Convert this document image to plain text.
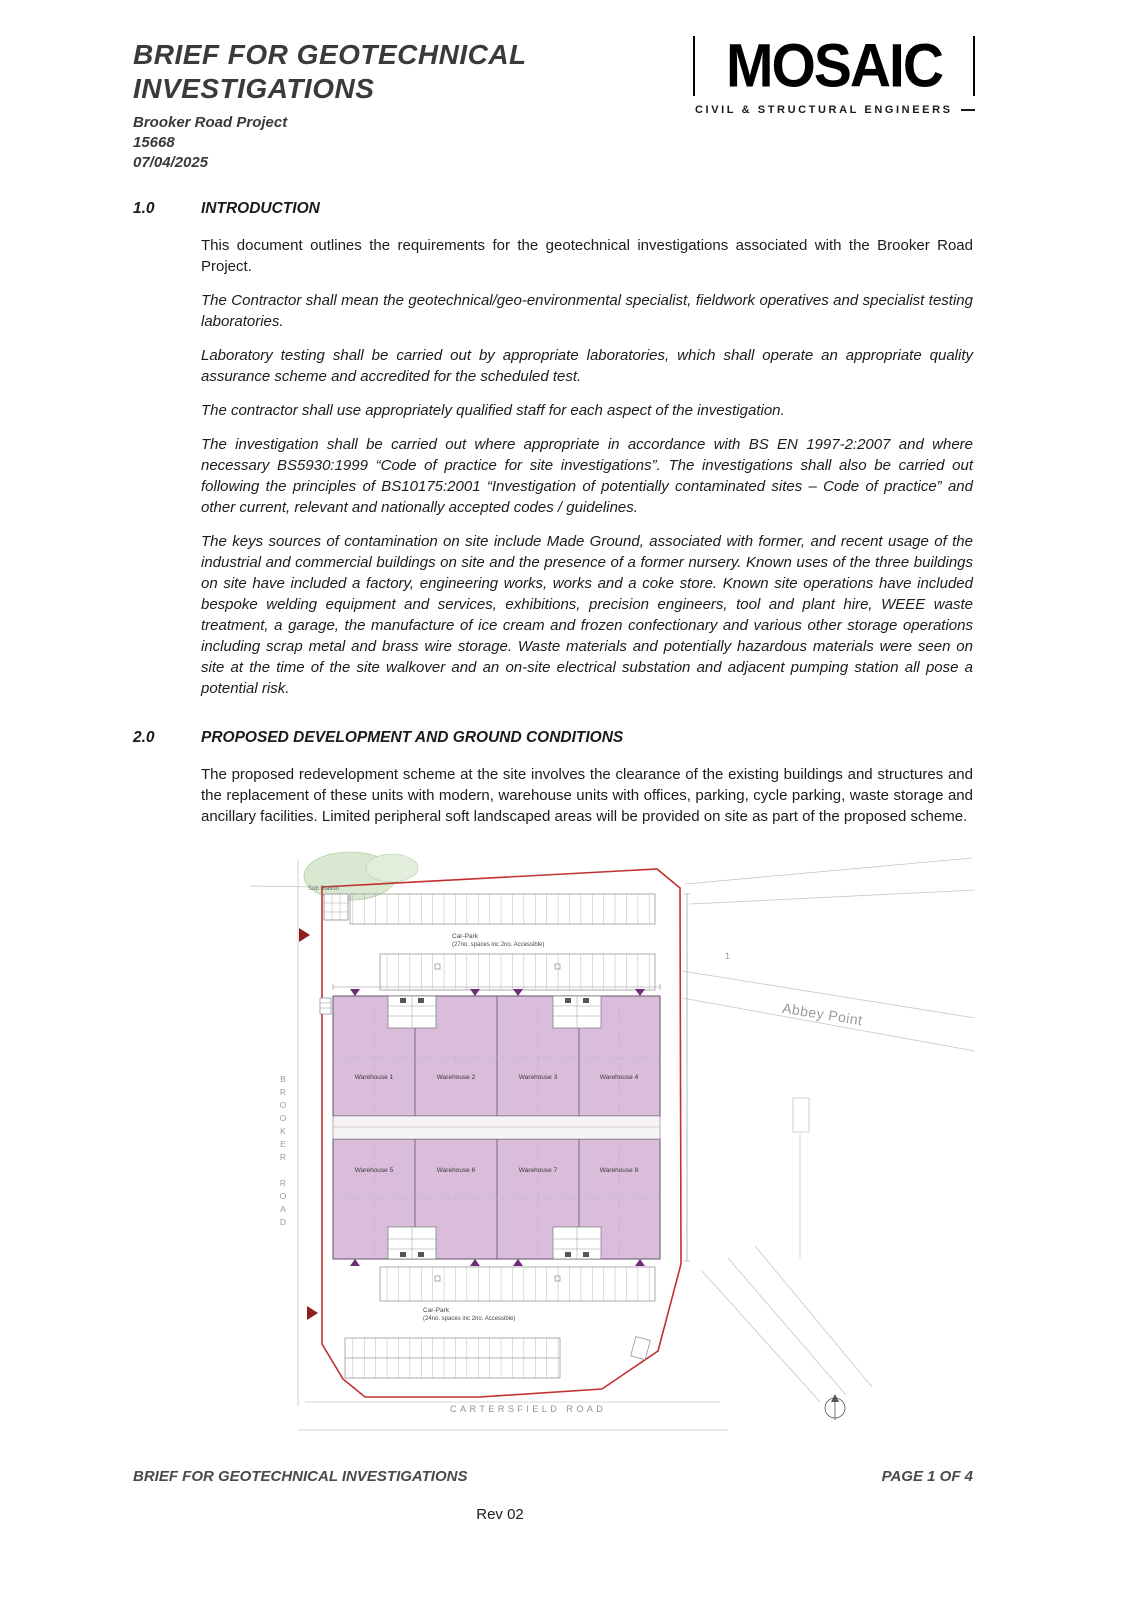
BRIEF FOR GEOTECHNICAL INVESTIGATIONS
Brooker Road Project
15668
07/04/2025
MOSAIC
CIVIL & STRUCTURAL ENGINEERS
1.0	INTRODUCTION

This document outlines the requirements for the geotechnical investigations associated with the Brooker Road Project.

The Contractor shall mean the geotechnical/geo-environmental specialist, fieldwork operatives and specialist testing laboratories.

Laboratory testing shall be carried out by appropriate laboratories, which shall operate an appropriate quality assurance scheme and accredited for the scheduled test.

The contractor shall use appropriately qualified staff for each aspect of the investigation.

The investigation shall be carried out where appropriate in accordance with BS EN 1997-2:2007 and where necessary BS5930:1999 “Code of practice for site investigations”. The investigations shall also be carried out following the principles of BS10175:2001 “Investigation of potentially contaminated sites – Code of practice” and other current, relevant and nationally accepted codes / guidelines.

The keys sources of contamination on site include Made Ground, associated with former, and recent usage of the industrial and commercial buildings on site and the presence of a former nursery. Known uses of the three buildings on site have included a factory, engineering works, works and a coke store. Known site operations have included bespoke welding equipment and services, exhibitions, precision engineers, tool and plant hire, WEEE waste treatment, a garage, the manufacture of ice cream and frozen confectionary and various other storage operations including scrap metal and brass wire storage. Waste materials and potentially hazardous materials were seen on site at the time of the site walkover and an on-site electrical substation and adjacent pumping station all pose a potential risk.

2.0	PROPOSED DEVELOPMENT AND GROUND CONDITIONS

The proposed redevelopment scheme at the site involves the clearance of the existing buildings and structures and the replacement of these units with modern, warehouse units with offices, parking, cycle parking, waste storage and ancillary facilities. Limited peripheral soft landscaped areas will be provided on site as part of the proposed scheme.

Sub Station
Car-Park
(27no. spaces inc 2no. Accessible)
Warehouse 1	Warehouse 2	Warehouse 3	Warehouse 4
Warehouse 5	Warehouse 6	Warehouse 7	Warehouse 8
Car-Park
(24no. spaces inc 2no. Accessible)
1
BROOKER ROAD
Abbey Point
CARTERSFIELD ROAD
BRIEF FOR GEOTECHNICAL INVESTIGATIONS	PAGE 1 OF 4
Rev 02
